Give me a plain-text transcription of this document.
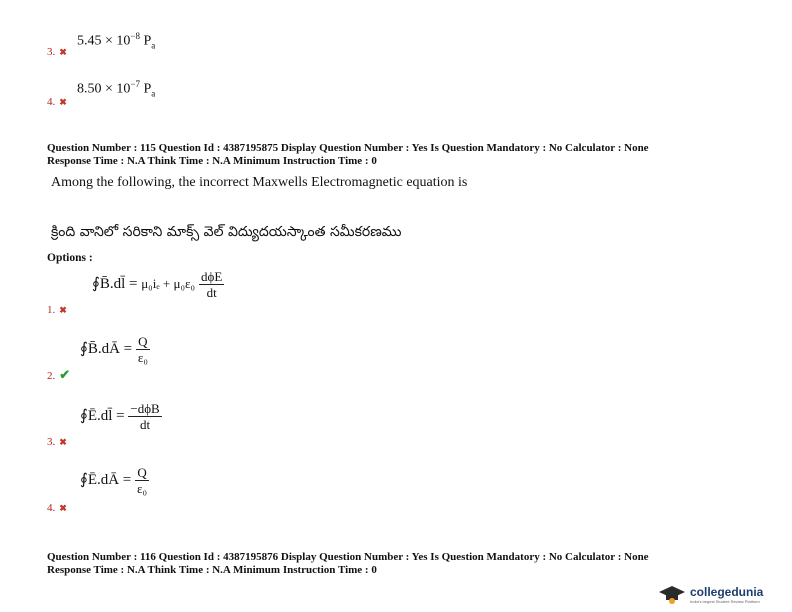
3. ✖
$5.45 \times 10^{-8}$ $P_a$
4. ✖
$8.50 \times 10^{-7}$ $P_a$
Question Number : 115 Question Id : 4387195875 Display Question Number : Yes Is Question Mandatory : No Calculator : None
Response Time : N.A Think Time : N.A Minimum Instruction Time : 0
Among the following, the incorrect Maxwells Electromagnetic equation is
క్రింది వానిలో సరికాని మాక్స్ వెల్ విద్యుదయస్కాంత సమీకరణము
Options :
∮B̄.dl̄ = $\mu_0i_e + \mu_0\varepsilon_0 \frac{\text{dϕE}}{dt}$
1. ✖
∮B̄.dĀ = $\frac{Q}{\text{ε₀}}$
2. ✔
∮Ē.dl̄ = $\frac{\text{−dϕB}}{dt}$
3. ✖
∮Ē.dĀ = $\frac{Q}{\text{ε₀}}$
4. ✖
Question Number : 116 Question Id : 4387195876 Display Question Number : Yes Is Question Mandatory : No Calculator : None
Response Time : N.A Think Time : N.A Minimum Instruction Time : 0
collegedunia
India's largest Student Review Platform
